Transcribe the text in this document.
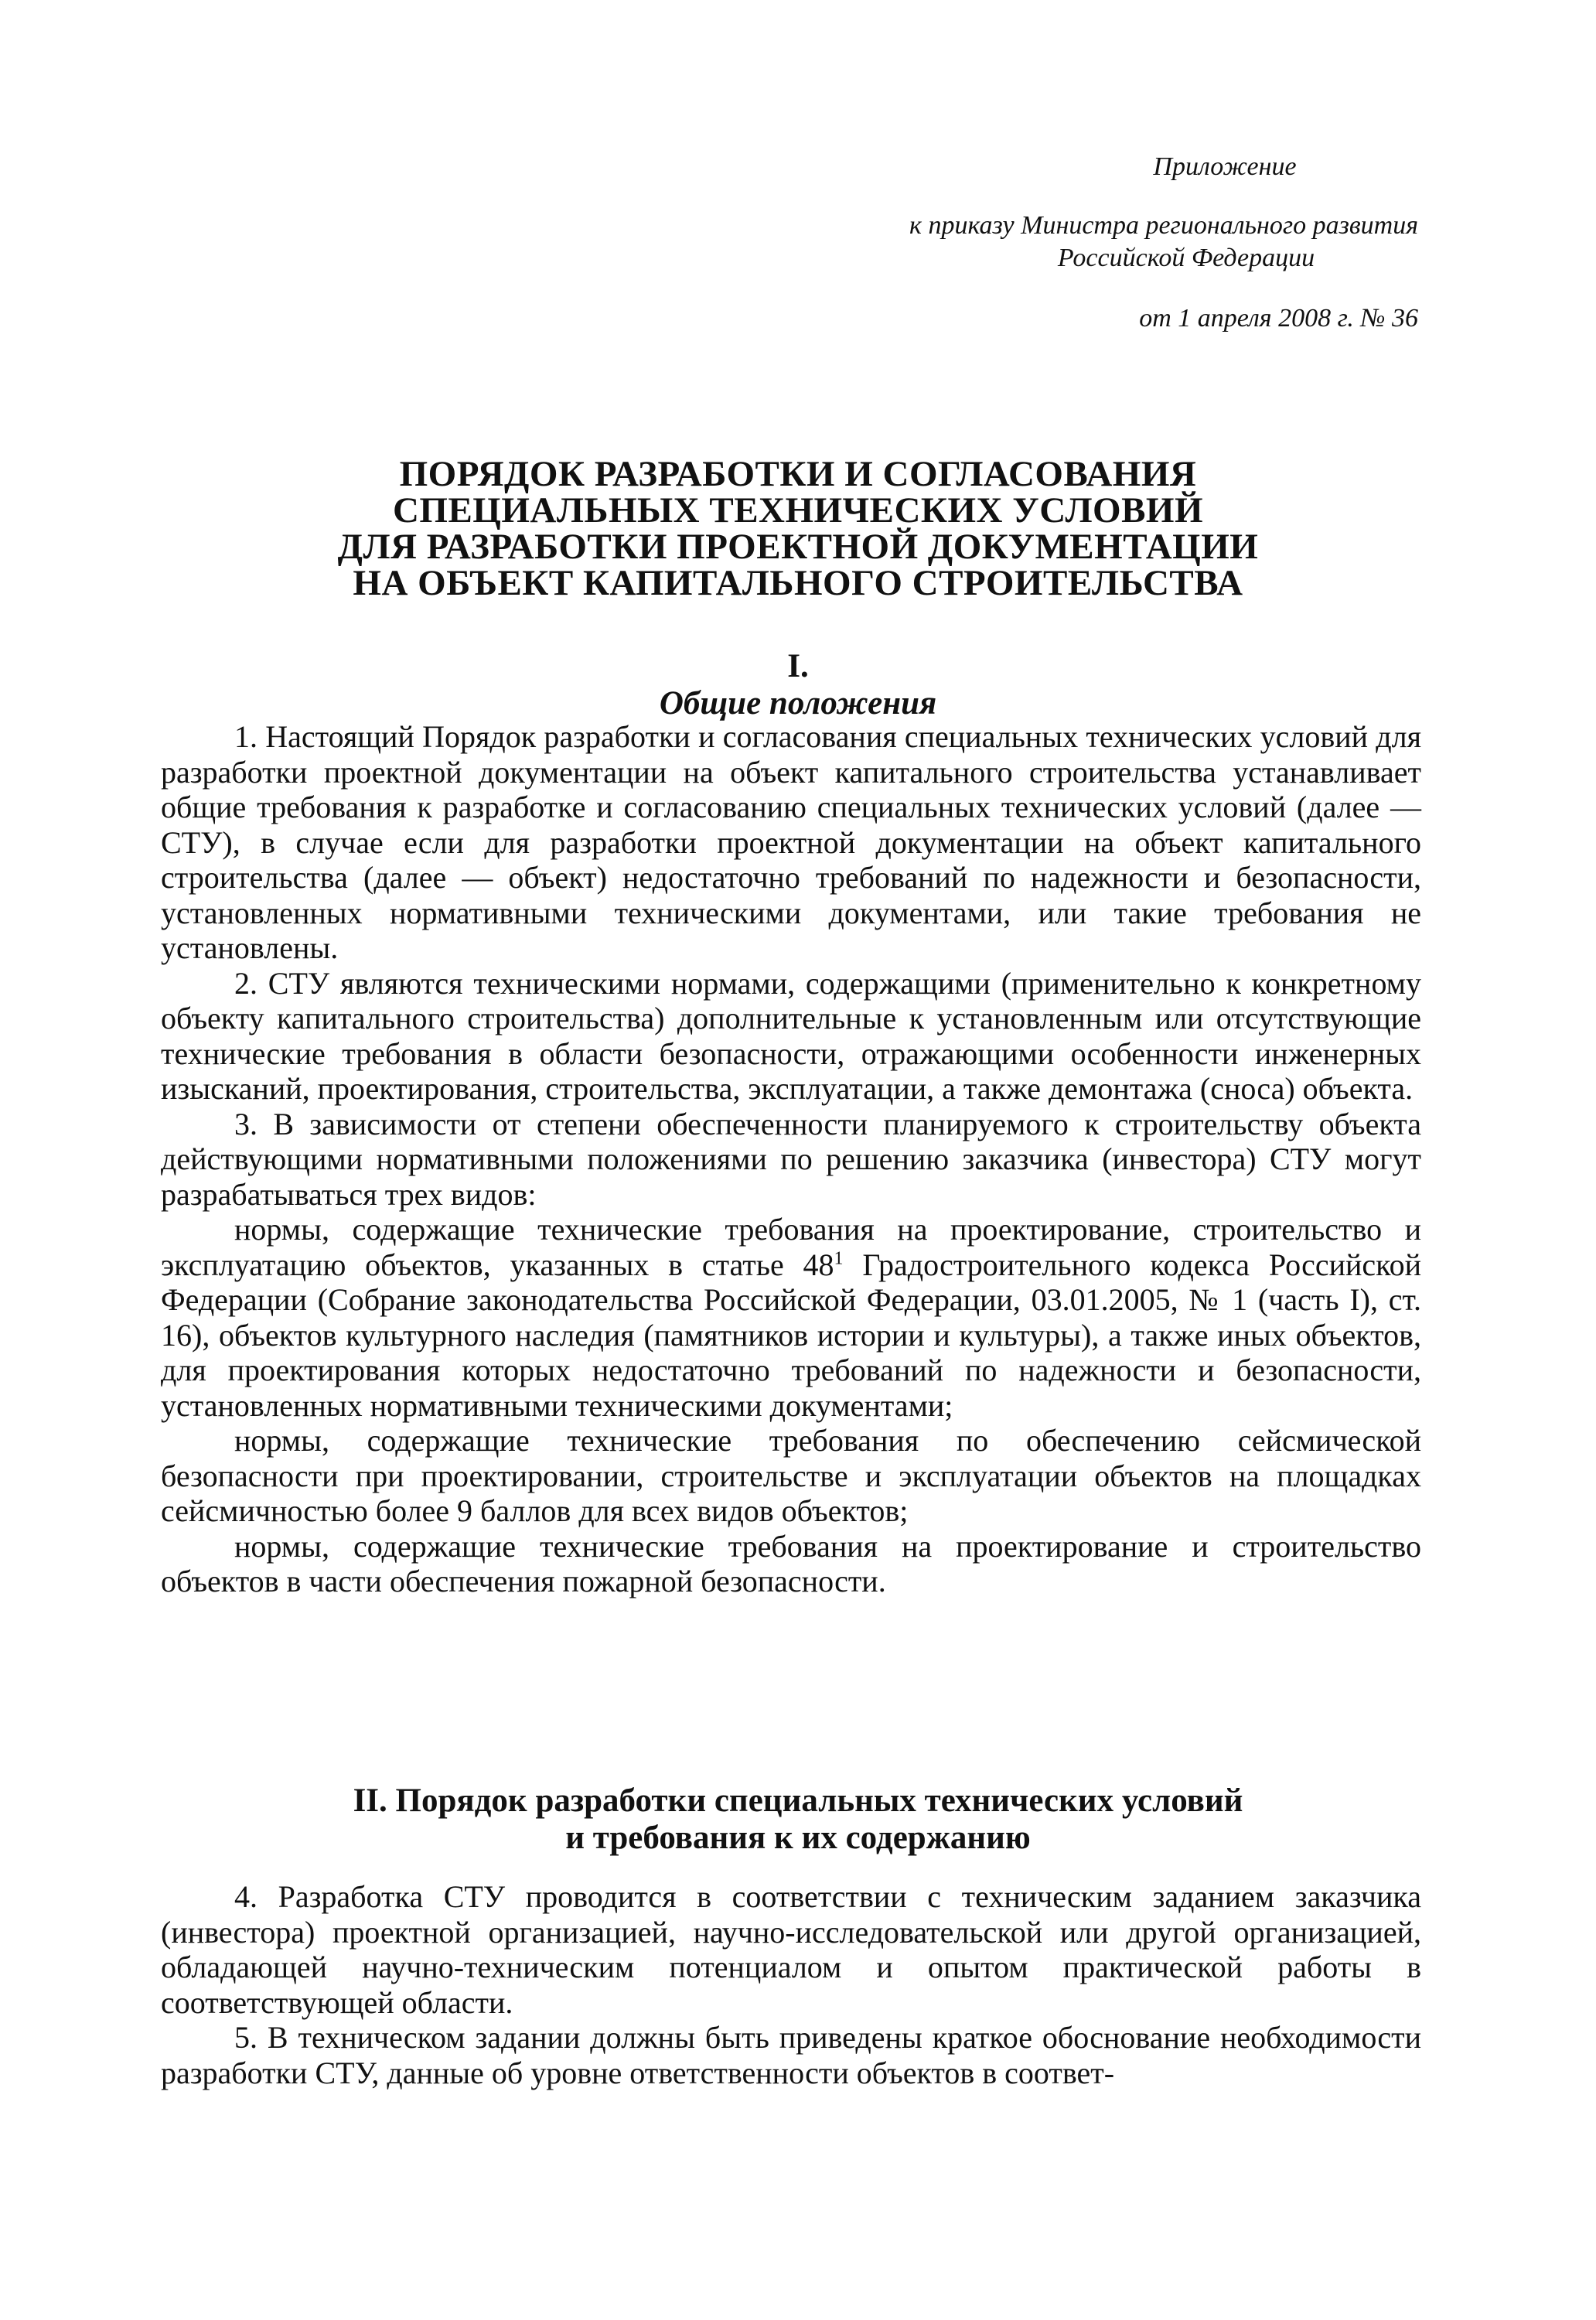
Приложение
к приказу Министра регионального развития
Российской Федерации
от 1 апреля 2008 г. № 36
ПОРЯДОК РАЗРАБОТКИ И СОГЛАСОВАНИЯ
СПЕЦИАЛЬНЫХ ТЕХНИЧЕСКИХ УСЛОВИЙ
ДЛЯ РАЗРАБОТКИ ПРОЕКТНОЙ ДОКУМЕНТАЦИИ
НА ОБЪЕКТ КАПИТАЛЬНОГО СТРОИТЕЛЬСТВА
I.
Общие положения

1. Настоящий Порядок разработки и согласования специальных технических условий для разработки проектной документации на объект капитального строительства устанавливает общие требования к разработке и согласованию специальных технических условий (далее — СТУ), в случае если для разработки проектной документации на объект капитального строительства (далее — объект) недостаточно требований по надежности и безопасности, установленных нормативными техническими документами, или такие требования не установлены.

2. СТУ являются техническими нормами, содержащими (применительно к конкретному объекту капитального строительства) дополнительные к установленным или отсутствующие технические требования в области безопасности, отражающими особенности инженерных изысканий, проектирования, строительства, эксплуатации, а также демонтажа (сноса) объекта.

3. В зависимости от степени обеспеченности планируемого к строительству объекта действующими нормативными положениями по решению заказчика (инвестора) СТУ могут разрабатываться трех видов:

нормы, содержащие технические требования на проектирование, строительство и эксплуатацию объектов, указанных в статье $48^1$ Градостроительного кодекса Российской Федерации (Собрание законодательства Российской Федерации, 03.01.2005, № 1 (часть I), ст. 16), объектов культурного наследия (памятников истории и культуры), а также иных объектов, для проектирования которых недостаточно требований по надежности и безопасности, установленных нормативными техническими документами;

нормы, содержащие технические требования по обеспечению сейсмической безопасности при проектировании, строительстве и эксплуатации объектов на площадках сейсмичностью более 9 баллов для всех видов объектов;

нормы, содержащие технические требования на проектирование и строительство объектов в части обеспечения пожарной безопасности.

II. Порядок разработки специальных технических условий
и требования к их содержанию

4. Разработка СТУ проводится в соответствии с техническим заданием заказчика (инвестора) проектной организацией, научно-исследовательской или другой организацией, обладающей научно-техническим потенциалом и опытом практической работы в соответствующей области.

5. В техническом задании должны быть приведены краткое обоснование необходимости разработки СТУ, данные об уровне ответственности объектов в соответ-
